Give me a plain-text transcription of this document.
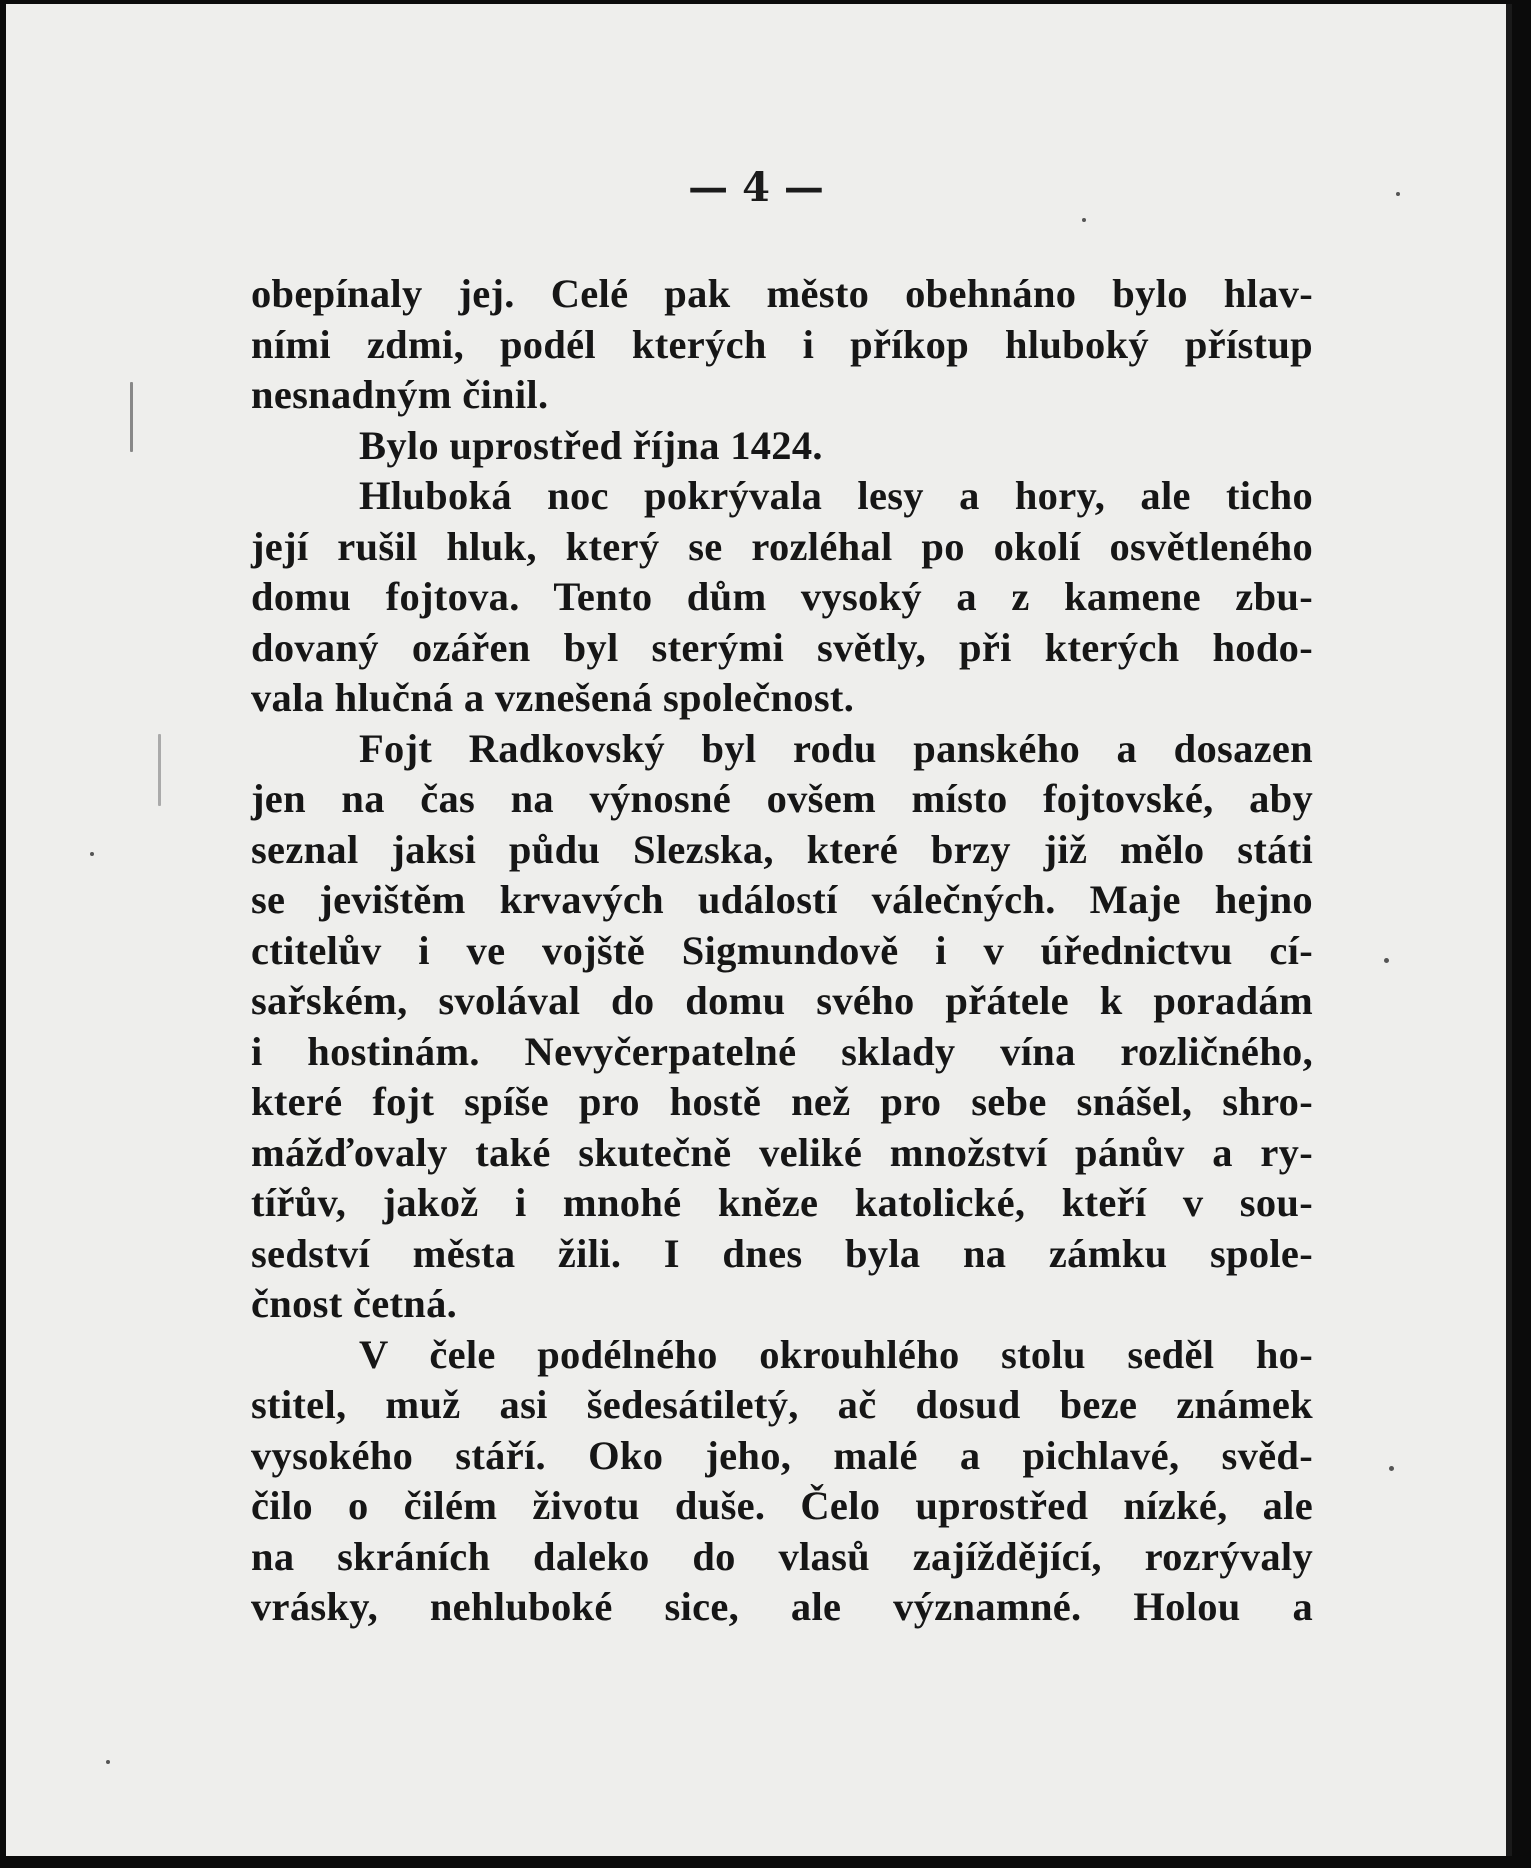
— 4 —
obepínaly jej. Celé pak město obehnáno bylo hlav-
ními zdmi, podél kterých i příkop hluboký přístup
nesnadným činil.
Bylo uprostřed října 1424.
Hluboká noc pokrývala lesy a hory, ale ticho
její rušil hluk, který se rozléhal po okolí osvětleného
domu fojtova. Tento dům vysoký a z kamene zbu-
dovaný ozářen byl sterými světly, při kterých hodo-
vala hlučná a vznešená společnost.
Fojt Radkovský byl rodu panského a dosazen
jen na čas na výnosné ovšem místo fojtovské, aby
seznal jaksi půdu Slezska, které brzy již mělo státi
se jevištěm krvavých událostí válečných. Maje hejno
ctitelův i ve vojště Sigmundově i v úřednictvu cí-
sařském, svolával do domu svého přátele k poradám
i hostinám. Nevyčerpatelné sklady vína rozličného,
které fojt spíše pro hostě než pro sebe snášel, shro-
mážďovaly také skutečně veliké množství pánův a ry-
tířův, jakož i mnohé kněze katolické, kteří v sou-
sedství města žili. I dnes byla na zámku spole-
čnost četná.
V čele podélného okrouhlého stolu seděl ho-
stitel, muž asi šedesátiletý, ač dosud beze známek
vysokého stáří. Oko jeho, malé a pichlavé, svěd-
čilo o čilém životu duše. Čelo uprostřed nízké, ale
na skráních daleko do vlasů zajíždějící, rozrývaly
vrásky, nehluboké sice, ale významné. Holou a
